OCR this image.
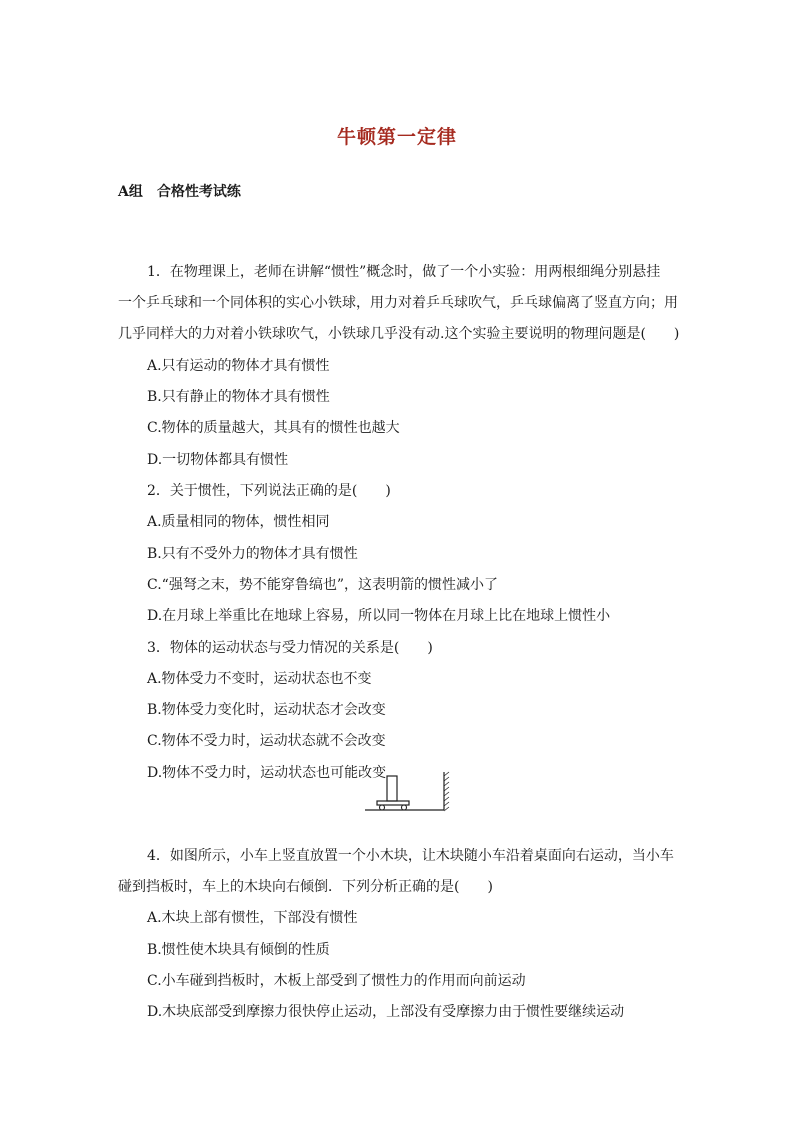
牛顿第一定律
A组　合格性考试练
1．在物理课上，老师在讲解“惯性”概念时，做了一个小实验：用两根细绳分别悬挂
一个乒乓球和一个同体积的实心小铁球，用力对着乒乓球吹气，乒乓球偏离了竖直方向；用
几乎同样大的力对着小铁球吹气，小铁球几乎没有动.这个实验主要说明的物理问题是(　　)
A.只有运动的物体才具有惯性
B.只有静止的物体才具有惯性
C.物体的质量越大，其具有的惯性也越大
D.一切物体都具有惯性
2．关于惯性，下列说法正确的是(　　)
A.质量相同的物体，惯性相同
B.只有不受外力的物体才具有惯性
C.“强弩之末，势不能穿鲁缟也”，这表明箭的惯性减小了
D.在月球上举重比在地球上容易，所以同一物体在月球上比在地球上惯性小
3．物体的运动状态与受力情况的关系是(　　)
A.物体受力不变时，运动状态也不变
B.物体受力变化时，运动状态才会改变
C.物体不受力时，运动状态就不会改变
D.物体不受力时，运动状态也可能改变
4．如图所示，小车上竖直放置一个小木块，让木块随小车沿着桌面向右运动，当小车
碰到挡板时，车上的木块向右倾倒．下列分析正确的是(　　)
A.木块上部有惯性，下部没有惯性
B.惯性使木块具有倾倒的性质
C.小车碰到挡板时，木板上部受到了惯性力的作用而向前运动
D.木块底部受到摩擦力很快停止运动，上部没有受摩擦力由于惯性要继续运动
